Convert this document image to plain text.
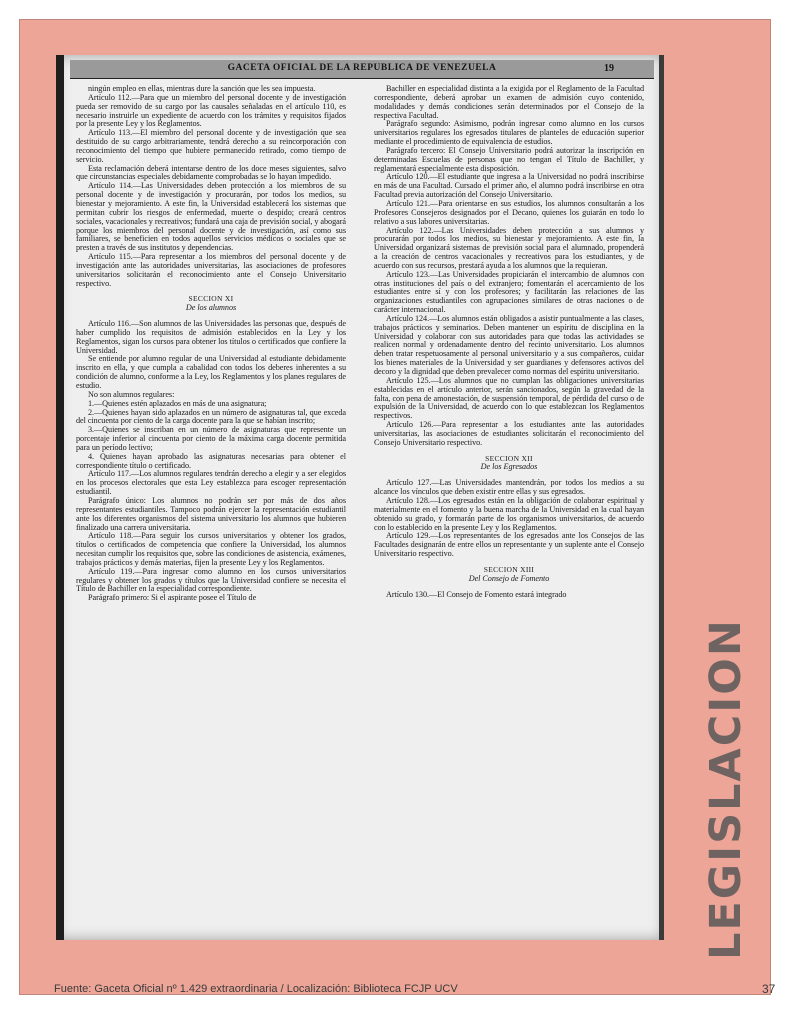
GACETA OFICIAL DE LA REPUBLICA DE VENEZUELA	19

ningún empleo en ellas, mientras dure la sanción que les sea impuesta.

Artículo 112.—Para que un miembro del personal docente y de investigación pueda ser removido de su cargo por las causales señaladas en el artículo 110, es necesario instruirle un expediente de acuerdo con los trámites y requisitos fijados por la presente Ley y los Reglamentos.

Artículo 113.—El miembro del personal docente y de investigación que sea destituido de su cargo arbitrariamente, tendrá derecho a su reincorporación con reconocimiento del tiempo que hubiere permanecido retirado, como tiempo de servicio.

Esta reclamación deberá intentarse dentro de los doce meses siguientes, salvo que circunstancias especiales debidamente comprobadas se lo hayan impedido.

Artículo 114.—Las Universidades deben protección a los miembros de su personal docente y de investigación y procurarán, por todos los medios, su bienestar y mejoramiento. A este fin, la Universidad establecerá los sistemas que permitan cubrir los riesgos de enfermedad, muerte o despido; creará centros sociales, vacacionales y recreativos; fundará una caja de previsión social, y abogará porque los miembros del personal docente y de investigación, así como sus familiares, se beneficien en todos aquellos servicios médicos o sociales que se presten a través de sus institutos y dependencias.

Artículo 115.—Para representar a los miembros del personal docente y de investigación ante las autoridades universitarias, las asociaciones de profesores universitarios solicitarán el reconocimiento ante el Consejo Universitario respectivo.

SECCION XI

De los alumnos

Artículo 116.—Son alumnos de las Universidades las personas que, después de haber cumplido los requisitos de admisión establecidos en la Ley y los Reglamentos, sigan los cursos para obtener los títulos o certificados que confiere la Universidad.

Se entiende por alumno regular de una Universidad al estudiante debidamente inscrito en ella, y que cumpla a cabalidad con todos los deberes inherentes a su condición de alumno, conforme a la Ley, los Reglamentos y los planes regulares de estudio.

No son alumnos regulares:

1.—Quienes estén aplazados en más de una asignatura;

2.—Quienes hayan sido aplazados en un número de asignaturas tal, que exceda del cincuenta por ciento de la carga docente para la que se habían inscrito;

3.—Quienes se inscriban en un número de asignaturas que represente un porcentaje inferior al cincuenta por ciento de la máxima carga docente permitida para un período lectivo;

4. Quienes hayan aprobado las asignaturas necesarias para obtener el correspondiente título o certificado.

Artículo 117.—Los alumnos regulares tendrán derecho a elegir y a ser elegidos en los procesos electorales que esta Ley establezca para escoger representación estudiantil.

Parágrafo único: Los alumnos no podrán ser por más de dos años representantes estudiantiles. Tampoco podrán ejercer la representación estudiantil ante los diferentes organismos del sistema universitario los alumnos que hubieren finalizado una carrera universitaria.

Artículo 118.—Para seguir los cursos universitarios y obtener los grados, títulos o certificados de competencia que confiere la Universidad, los alumnos necesitan cumplir los requisitos que, sobre las condiciones de asistencia, exámenes, trabajos prácticos y demás materias, fijen la presente Ley y los Reglamentos.

Artículo 119.—Para ingresar como alumno en los cursos universitarios regulares y obtener los grados y títulos que la Universidad confiere se necesita el Título de Bachiller en la especialidad correspondiente.

Parágrafo primero: Si el aspirante posee el Título de

Bachiller en especialidad distinta a la exigida por el Reglamento de la Facultad correspondiente, deberá aprobar un examen de admisión cuyo contenido, modalidades y demás condiciones serán determinados por el Consejo de la respectiva Facultad.

Parágrafo segundo: Asimismo, podrán ingresar como alumno en los cursos universitarios regulares los egresados titulares de planteles de educación superior mediante el procedimiento de equivalencia de estudios.

Parágrafo tercero: El Consejo Universitario podrá autorizar la inscripción en determinadas Escuelas de personas que no tengan el Título de Bachiller, y reglamentará especialmente esta disposición.

Artículo 120.—El estudiante que ingresa a la Universidad no podrá inscribirse en más de una Facultad. Cursado el primer año, el alumno podrá inscribirse en otra Facultad previa autorización del Consejo Universitario.

Artículo 121.—Para orientarse en sus estudios, los alumnos consultarán a los Profesores Consejeros designados por el Decano, quienes los guiarán en todo lo relativo a sus labores universitarias.

Artículo 122.—Las Universidades deben protección a sus alumnos y procurarán por todos los medios, su bienestar y mejoramiento. A este fin, la Universidad organizará sistemas de previsión social para el alumnado, propenderá a la creación de centros vacacionales y recreativos para los estudiantes, y de acuerdo con sus recursos, prestará ayuda a los alumnos que la requieran.

Artículo 123.—Las Universidades propiciarán el intercambio de alumnos con otras instituciones del país o del extranjero; fomentarán el acercamiento de los estudiantes entre sí y con los profesores; y facilitarán las relaciones de las organizaciones estudiantiles con agrupaciones similares de otras naciones o de carácter internacional.

Artículo 124.—Los alumnos están obligados a asistir puntualmente a las clases, trabajos prácticos y seminarios. Deben mantener un espíritu de disciplina en la Universidad y colaborar con sus autoridades para que todas las actividades se realicen normal y ordenadamente dentro del recinto universitario. Los alumnos deben tratar respetuosamente al personal universitario y a sus compañeros, cuidar los bienes materiales de la Universidad y ser guardianes y defensores activos del decoro y la dignidad que deben prevalecer como normas del espíritu universitario.

Artículo 125.—Los alumnos que no cumplan las obligaciones universitarias establecidas en el artículo anterior, serán sancionados, según la gravedad de la falta, con pena de amonestación, de suspensión temporal, de pérdida del curso o de expulsión de la Universidad, de acuerdo con lo que establezcan los Reglamentos respectivos.

Artículo 126.—Para representar a los estudiantes ante las autoridades universitarias, las asociaciones de estudiantes solicitarán el reconocimiento del Consejo Universitario respectivo.

SECCION XII

De los Egresados

Artículo 127.—Las Universidades mantendrán, por todos los medios a su alcance los vínculos que deben existir entre ellas y sus egresados.

Artículo 128.—Los egresados están en la obligación de colaborar espiritual y materialmente en el fomento y la buena marcha de la Universidad en la cual hayan obtenido su grado, y formarán parte de los organismos universitarios, de acuerdo con lo establecido en la presente Ley y los Reglamentos.

Artículo 129.—Los representantes de los egresados ante los Consejos de las Facultades designarán de entre ellos un representante y un suplente ante el Consejo Universitario respectivo.

SECCION XIII

Del Consejo de Fomento

Artículo 130.—El Consejo de Fomento estará integrado

LEGISLACION
Fuente: Gaceta Oficial nº 1.429 extraordinaria / Localización: Biblioteca FCJP UCV	37
